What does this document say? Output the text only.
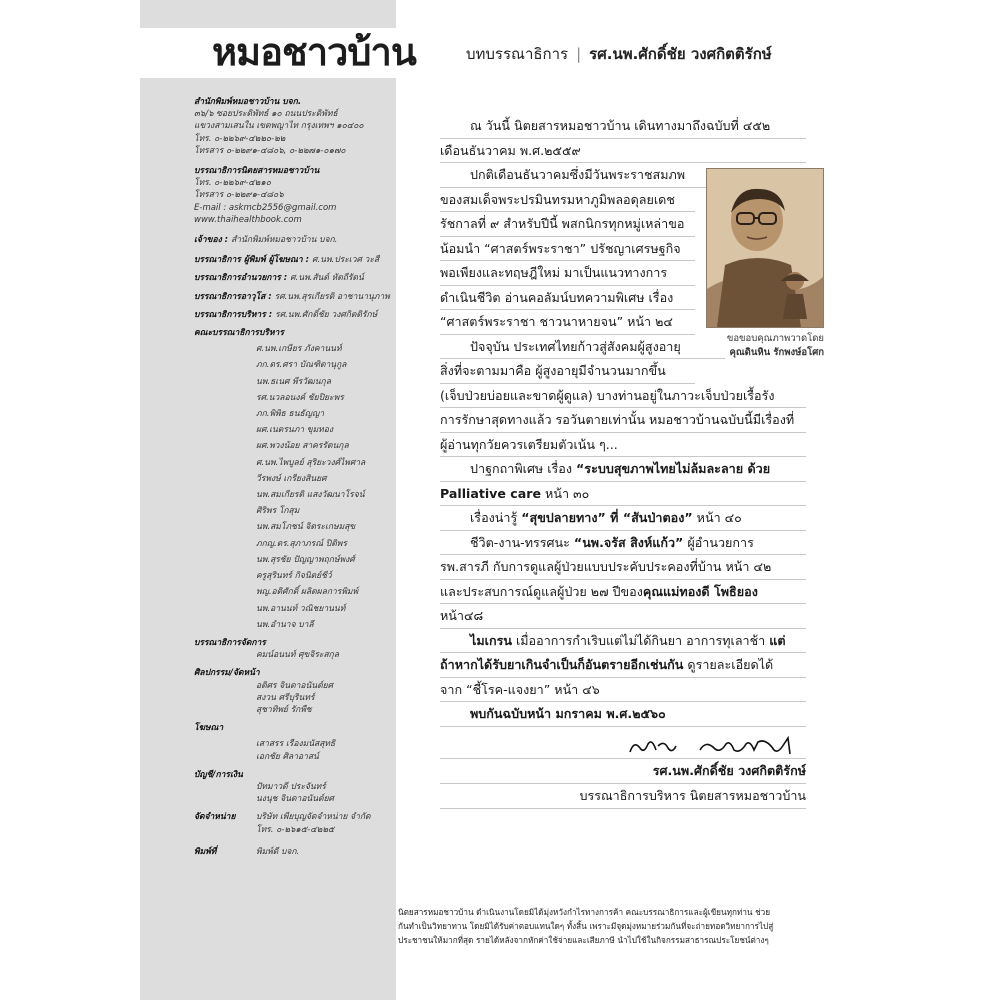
หมอชาวบ้าน
สำนักพิมพ์หมอชาวบ้าน บจก.
๓๖/๖ ซอยประดิพัทธ์ ๑๐ ถนนประดิพัทธ์
แขวงสามเสนใน เขตพญาไท กรุงเทพฯ ๑๐๔๐๐
โทร. ๐-๒๒๖๙-๔๒๒๐-๒๒
โทรสาร ๐-๒๒๙๑-๔๘๐๖, ๐-๒๒๗๑-๐๑๗๐
บรรณาธิการนิตยสารหมอชาวบ้าน
โทร. ๐-๒๒๖๙-๔๒๑๐
โทรสาร ๐-๒๒๙๑-๔๘๐๖
E-mail : askmcb2556@gmail.com
www.thaihealthbook.com
เจ้าของ : สำนักพิมพ์หมอชาวบ้าน บจก.
บรรณาธิการ ผู้พิมพ์ ผู้โฆษณา : ศ.นพ.ประเวศ วะสี
บรรณาธิการอำนวยการ : ศ.นพ.สันต์ หัตถีรัตน์
บรรณาธิการอาวุโส : รศ.นพ.สุรเกียรติ อาชานานุภาพ
บรรณาธิการบริหาร : รศ.นพ.ศักดิ์ชัย วงศกิตติรักษ์
คณะบรรณาธิการบริหาร
ศ.นพ.เกษียร ภังคานนท์
ภก.ดร.ศรา บัณฑิตานุกูล
นพ.ธเนศ พีรวัฒนกุล
รศ.นวลอนงค์ ชัยปิยะพร
ภก.พิพิธ ธนธัญญา
ผศ.เนตรนภา ขุมทอง
ผศ.พวงน้อย สาครรัตนกุล
ศ.นพ.ไพบูลย์ สุริยะวงศ์ไพศาล
วีรพงษ์ เกรียงสินยศ
นพ.สมเกียรติ แสงวัฒนาโรจน์
ศิริพร โกสุม
นพ.สมโภชน์ จิตระเกษมสุข
ภกญ.ดร.สุภาภรณ์ ปิติพร
นพ.สุรชัย ปัญญาพฤกษ์พงศ์
ครูสุรินทร์ กิจนิตย์ชีว์
พญ.อติศักดิ์ ผลิตผลการพิมพ์
นพ.อานนท์ วณิชยานนท์
นพ.อำนาจ บาลี
บรรณาธิการจัดการ
คมน์อนนท์ ศุขจิระสกุล
ศิลปกรรม/จัดหน้า
อติศร จินดาอนันต์ยศ
สงวน ศรีบุรินทร์
สุชาทิพย์ รักพืช
โฆษณา
เสาสรร เรืองมนัสสุทธิ
เอกชัย ศิลาอาสน์
บัญชี/การเงิน
ปัทมาวดี ประจันทร์
นงนุช จินดาอนันต์ยศ
จัดจำหน่าย	บริษัท เพียบุญจัดจำหน่าย จำกัด
โทร. ๐-๒๖๑๕-๔๒๒๕
พิมพ์ที่	พิมพ์ดี บจก.
บทบรรณาธิการ | รศ.นพ.ศักดิ์ชัย วงศกิตติรักษ์
ณ วันนี้ นิตยสารหมอชาวบ้าน เดินทางมาถึงฉบับที่ ๔๕๒
เดือนธันวาคม พ.ศ.๒๕๕๙
ปกติเดือนธันวาคมซึ่งมีวันพระราชสมภพ
ของสมเด็จพระปรมินทรมหาภูมิพลอดุลยเดช
รัชกาลที่ ๙ สำหรับปีนี้ พสกนิกรทุกหมู่เหล่าขอ
น้อมนำ “ศาสตร์พระราชา” ปรัชญาเศรษฐกิจ
พอเพียงและทฤษฎีใหม่ มาเป็นแนวทางการ
ดำเนินชีวิต อ่านคอลัมน์บทความพิเศษ เรื่อง
“ศาสตร์พระราชา ชาวนาหายจน” หน้า ๒๔
ปัจจุบัน ประเทศไทยก้าวสู่สังคมผู้สูงอายุ
สิ่งที่จะตามมาคือ ผู้สูงอายุมีจำนวนมากขึ้น
(เจ็บป่วยบ่อยและขาดผู้ดูแล) บางท่านอยู่ในภาวะเจ็บป่วยเรื้อรัง
การรักษาสุดทางแล้ว รอวันตายเท่านั้น หมอชาวบ้านฉบับนี้มีเรื่องที่
ผู้อ่านทุกวัยควรเตรียมตัวเน้น ๆ...
ปาฐกถาพิเศษ เรื่อง “ระบบสุขภาพไทยไม่ล้มละลาย ด้วย
Palliative care หน้า ๓๐
เรื่องน่ารู้ “สุขปลายทาง” ที่ “สันป่าตอง” หน้า ๔๐
ชีวิต-งาน-ทรรศนะ “นพ.จรัส สิงห์แก้ว” ผู้อำนวยการ
รพ.สารภี กับการดูแลผู้ป่วยแบบประคับประคองที่บ้าน หน้า ๔๒
และประสบการณ์ดูแลผู้ป่วย ๒๗ ปีของคุณแม่ทองดี โพธิยอง
หน้า๔๘
ไมเกรน เมื่ออาการกำเริบแต่ไม่ได้กินยา อาการทุเลาช้า แต่
ถ้าหากได้รับยาเกินจำเป็นก็อันตรายอีกเช่นกัน ดูรายละเอียดได้
จาก “ชี้โรค-แจงยา” หน้า ๔๖
พบกันฉบับหน้า มกราคม พ.ศ.๒๕๖๐
ขอขอบคุณภาพวาดโดย
คุณดินหิน รักพงษ์อโศก
รศ.นพ.ศักดิ์ชัย วงศกิตติรักษ์
บรรณาธิการบริหาร นิตยสารหมอชาวบ้าน
นิตยสารหมอชาวบ้าน ดำเนินงานโดยมิได้มุ่งหวังกำไรทางการค้า คณะบรรณาธิการและผู้เขียนทุกท่าน ช่วย
กันทำเป็นวิทยาทาน โดยมิได้รับค่าตอบแทนใดๆ ทั้งสิ้น เพราะมีจุดมุ่งหมายร่วมกันที่จะถ่ายทอดวิทยาการไปสู่
ประชาชนให้มากที่สุด รายได้หลังจากหักค่าใช้จ่ายและเสียภาษี นำไปใช้ในกิจกรรมสาธารณประโยชน์ต่างๆ
